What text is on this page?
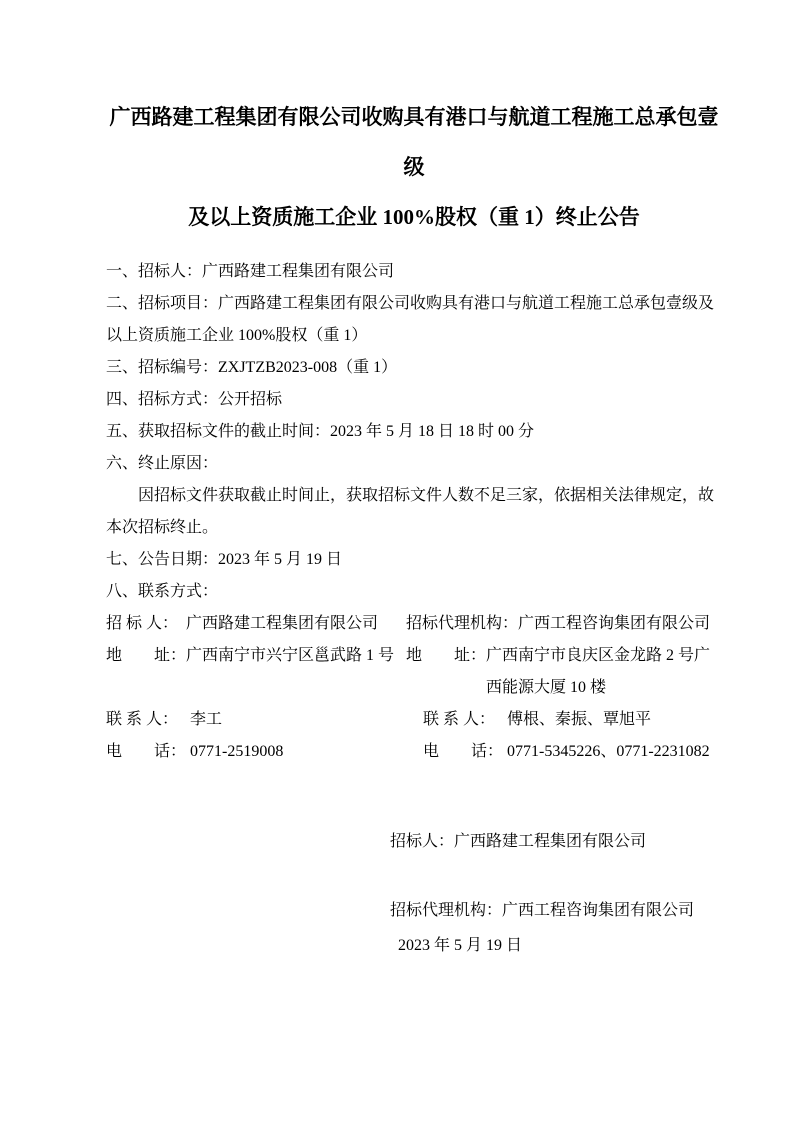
广西路建工程集团有限公司收购具有港口与航道工程施工总承包壹级
及以上资质施工企业 100%股权（重 1）终止公告

一、招标人：广西路建工程集团有限公司

二、招标项目：广西路建工程集团有限公司收购具有港口与航道工程施工总承包壹级及以上资质施工企业 100%股权（重 1）

三、招标编号：ZXJTZB2023-008（重 1）

四、招标方式：公开招标

五、获取招标文件的截止时间：2023 年 5 月 18 日 18 时 00 分

六、终止原因：

因招标文件获取截止时间止，获取招标文件人数不足三家，依据相关法律规定，故本次招标终止。

七、公告日期：2023 年 5 月 19 日

八、联系方式：

招 标 人： 广西路建工程集团有限公司 招标代理机构： 广西工程咨询集团有限公司
地　　址： 广西南宁市兴宁区邕武路 1 号 地　　址： 广西南宁市良庆区金龙路 2 号广西能源大厦 10 楼
联 系 人： 李工	联 系 人： 傅根、秦振、覃旭平
电　　话： 0771-2519008	电　　话： 0771-5345226、0771-2231082
招标人：广西路建工程集团有限公司
招标代理机构：广西工程咨询集团有限公司
2023 年 5 月 19 日
